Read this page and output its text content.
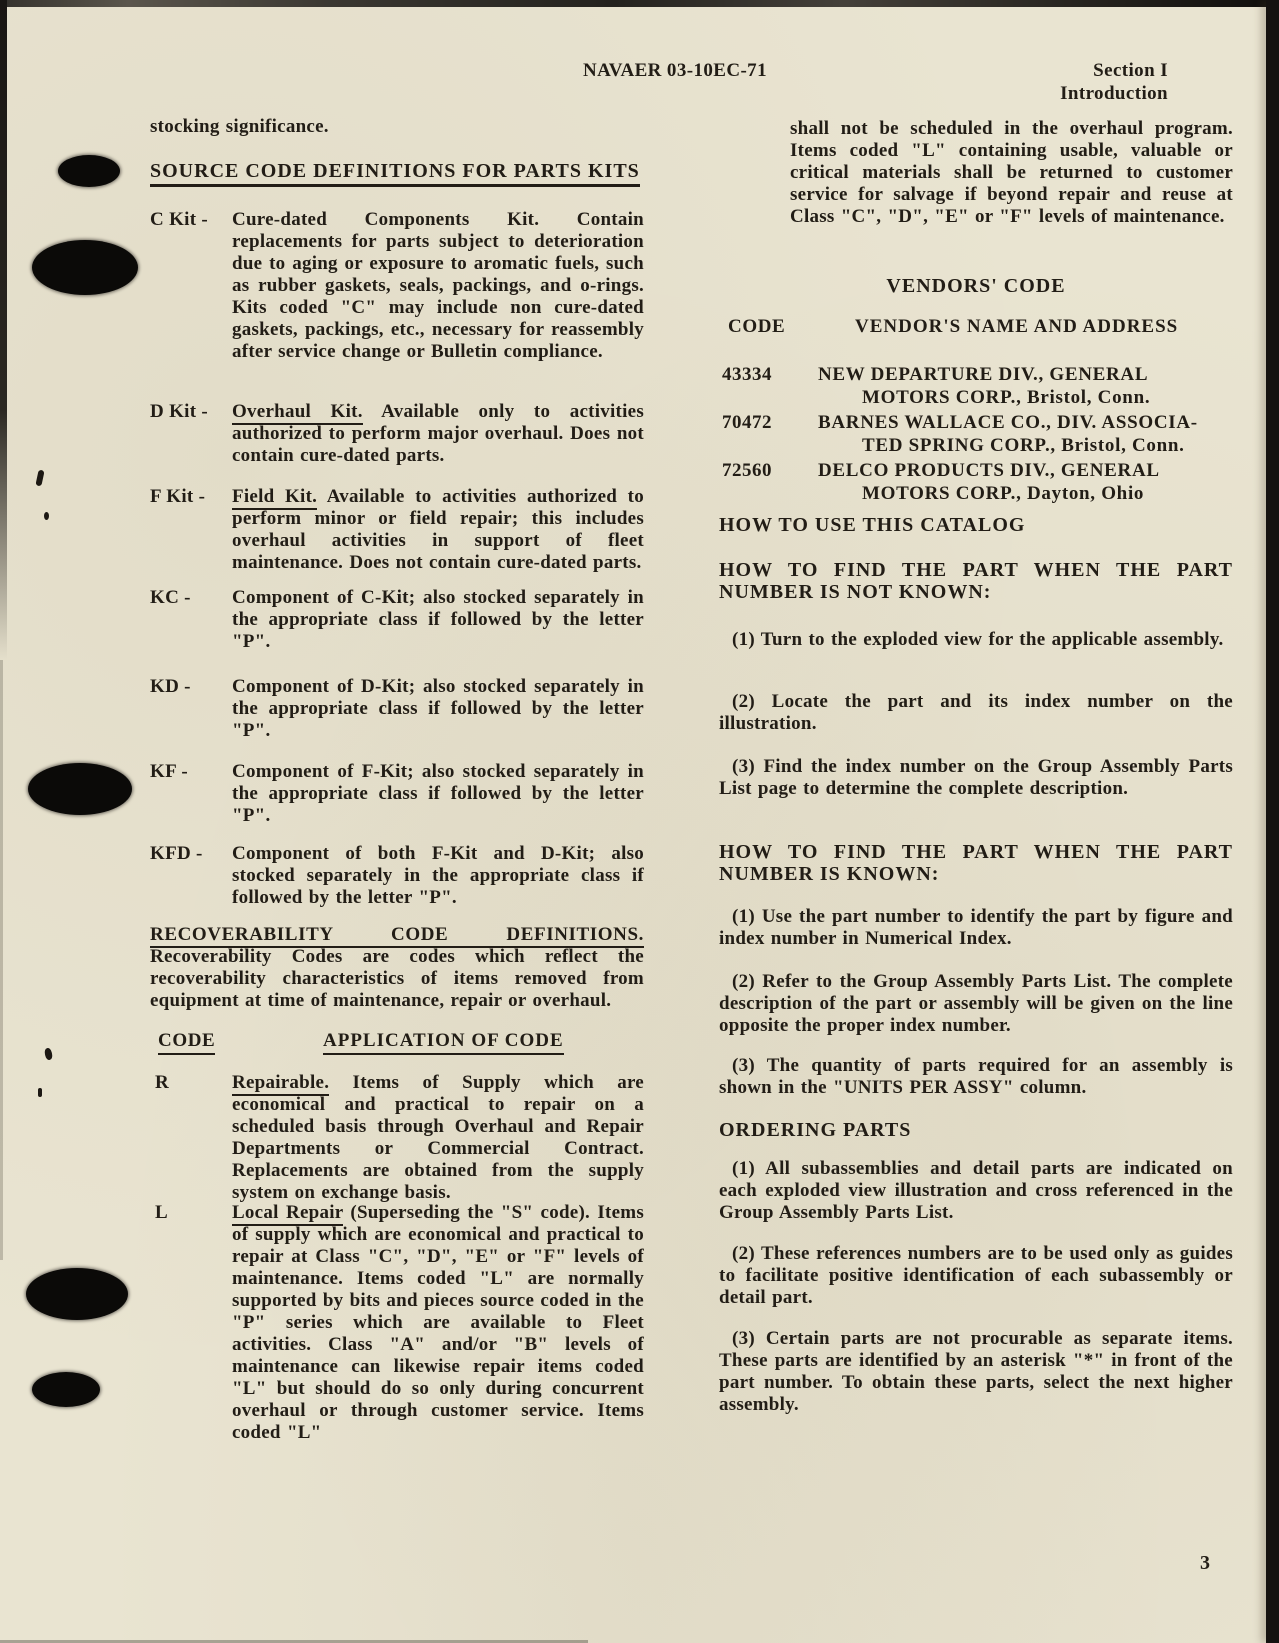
NAVAER 03-10EC-71	Section I
Introduction
stocking significance.
SOURCE CODE DEFINITIONS FOR PARTS KITS
C Kit - Cure-dated Components Kit. Contain replacements for parts subject to deterioration due to aging or exposure to aromatic fuels, such as rubber gaskets, seals, packings, and o-rings. Kits coded "C" may include non cure-dated gaskets, packings, etc., necessary for reassembly after service change or Bulletin compliance.
D Kit - Overhaul Kit. Available only to activities authorized to perform major overhaul. Does not contain cure-dated parts.
F Kit - Field Kit. Available to activities authorized to perform minor or field repair; this includes overhaul activities in support of fleet maintenance. Does not contain cure-dated parts.
KC - Component of C-Kit; also stocked separately in the appropriate class if followed by the letter "P".
KD - Component of D-Kit; also stocked separately in the appropriate class if followed by the letter "P".
KF - Component of F-Kit; also stocked separately in the appropriate class if followed by the letter "P".
KFD - Component of both F-Kit and D-Kit; also stocked separately in the appropriate class if followed by the letter "P".
RECOVERABILITY CODE DEFINITIONS. Recoverability Codes are codes which reflect the recoverability characteristics of items removed from equipment at time of maintenance, repair or overhaul.
CODE	APPLICATION OF CODE
R	Repairable. Items of Supply which are economical and practical to repair on a scheduled basis through Overhaul and Repair Departments or Commercial Contract. Replacements are obtained from the supply system on exchange basis.
L	Local Repair (Superseding the "S" code). Items of supply which are economical and practical to repair at Class "C", "D", "E" or "F" levels of maintenance. Items coded "L" are normally supported by bits and pieces source coded in the "P" series which are available to Fleet activities. Class "A" and/or "B" levels of maintenance can likewise repair items coded "L" but should do so only during concurrent overhaul or through customer service. Items coded "L"
shall not be scheduled in the overhaul program. Items coded "L" containing usable, valuable or critical materials shall be returned to customer service for salvage if beyond repair and reuse at Class "C", "D", "E" or "F" levels of maintenance.
VENDORS' CODE
CODE	VENDOR'S NAME AND ADDRESS
43334	NEW DEPARTURE DIV., GENERAL
MOTORS CORP., Bristol, Conn.
70472	BARNES WALLACE CO., DIV. ASSOCIA-
TED SPRING CORP., Bristol, Conn.
72560	DELCO PRODUCTS DIV., GENERAL
MOTORS CORP., Dayton, Ohio
HOW TO USE THIS CATALOG
HOW TO FIND THE PART WHEN THE PART NUMBER IS NOT KNOWN:
(1) Turn to the exploded view for the applicable assembly.
(2) Locate the part and its index number on the illustration.
(3) Find the index number on the Group Assembly Parts List page to determine the complete description.
HOW TO FIND THE PART WHEN THE PART NUMBER IS KNOWN:
(1) Use the part number to identify the part by figure and index number in Numerical Index.
(2) Refer to the Group Assembly Parts List. The complete description of the part or assembly will be given on the line opposite the proper index number.
(3) The quantity of parts required for an assembly is shown in the "UNITS PER ASSY" column.
ORDERING PARTS
(1) All subassemblies and detail parts are indicated on each exploded view illustration and cross referenced in the Group Assembly Parts List.
(2) These references numbers are to be used only as guides to facilitate positive identification of each subassembly or detail part.
(3) Certain parts are not procurable as separate items. These parts are identified by an asterisk "*" in front of the part number. To obtain these parts, select the next higher assembly.
3
